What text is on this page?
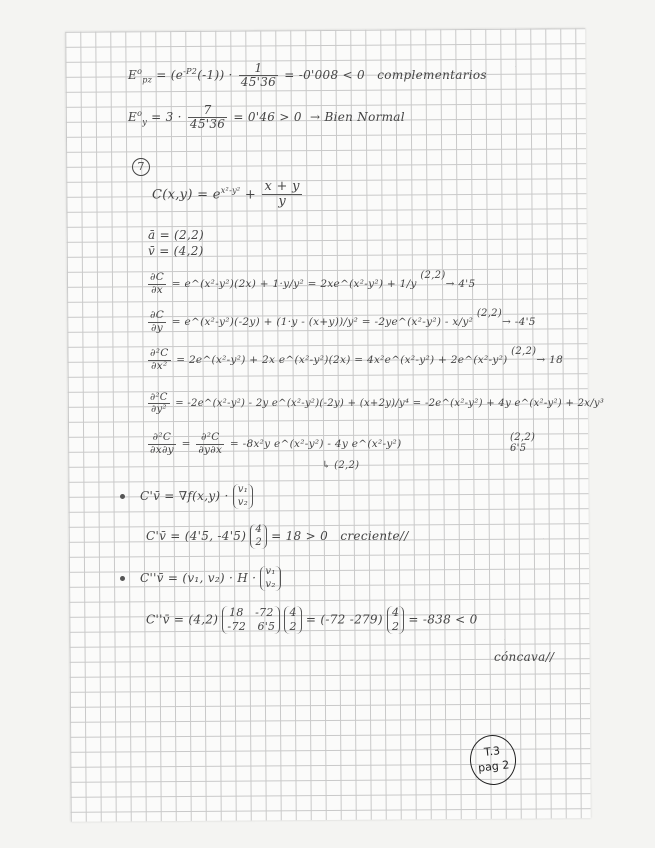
$E^o_{pz} = (e^{-P2}(-1)) \cdot \frac{1}{45'36} = -0'008 < 0$ complementarios
$E^o_y = 3 \cdot \frac{7}{45'36} = 0'46 > 0$ → Bien Normal
7
$C(x,y) = e^{x^2-y^2} + \frac{x + y}{y}$
ā = (2,2)
v̄ = (4,2)
$\frac{\partial C}{\partial x}$ = e^(x²-y²)(2x) + 1·y/y² = 2xe^(x²-y²) + 1/y (2,2)→ 4'5
$\frac{\partial C}{\partial y}$ = e^(x²-y²)(-2y) + (1·y - (x+y))/y² = -2ye^(x²-y²) - x/y² (2,2)→ -4'5
$\frac{\text{∂²C}}{\text{∂x²}}$ = 2e^(x²-y²) + 2x e^(x²-y²)(2x) = 4x²e^(x²-y²) + 2e^(x²-y²) (2,2)→ 18
$\frac{\text{∂²C}}{\text{∂y²}}$ = -2e^(x²-y²) - 2y e^(x²-y²)(-2y) + (x+2y)/y⁴ = -2e^(x²-y²) + 4y e^(x²-y²) + 2x/y³
$\frac{\text{∂²C}}{\partial x\partial y} = \frac{\text{∂²C}}{\partial y\partial x} = -8x^2y$ e^(x²-y²) - 4y e^(x²-y²)
(2,2)
6'5
↳ (2,2)
C'v̄ = ∇f(x,y) · v₁
v₂
C'v̄ = (4'5, -4'5) 4
2 = 18 > 0 creciente//
C''v̄ = (v₁, v₂) · H · v₁
v₂
C''v̄ = (4,2) 18 -72
-72 6'5 4
2 = (-72 -279) 4
2 = -838 < 0
cóncava//
T.3
pag 2
